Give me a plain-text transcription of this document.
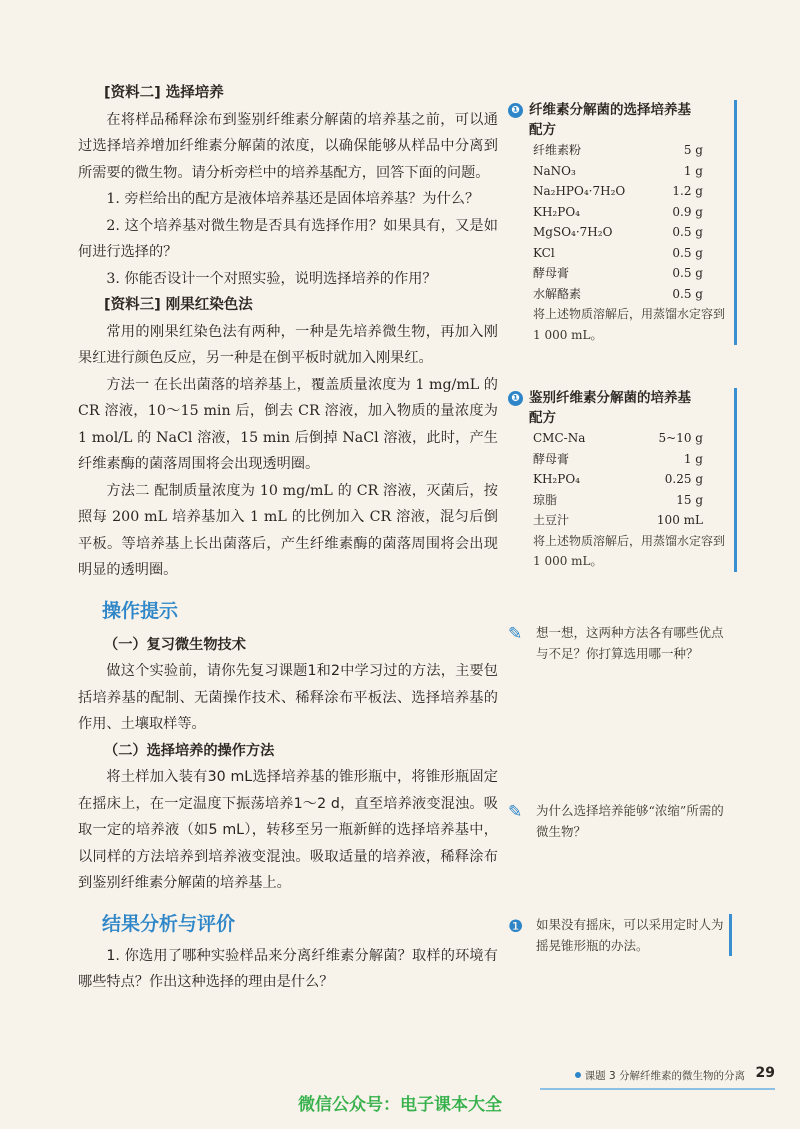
[资料二] 选择培养

在将样品稀释涂布到鉴别纤维素分解菌的培养基之前，可以通过选择培养增加纤维素分解菌的浓度，以确保能够从样品中分离到所需要的微生物。请分析旁栏中的培养基配方，回答下面的问题。

1. 旁栏给出的配方是液体培养基还是固体培养基？为什么？

2. 这个培养基对微生物是否具有选择作用？如果具有，又是如何进行选择的？

3. 你能否设计一个对照实验，说明选择培养的作用？

[资料三] 刚果红染色法

常用的刚果红染色法有两种，一种是先培养微生物，再加入刚果红进行颜色反应，另一种是在倒平板时就加入刚果红。

方法一 在长出菌落的培养基上，覆盖质量浓度为 1 mg/mL 的 CR 溶液，10～15 min 后，倒去 CR 溶液，加入物质的量浓度为 1 mol/L 的 NaCl 溶液，15 min 后倒掉 NaCl 溶液，此时，产生纤维素酶的菌落周围将会出现透明圈。

方法二 配制质量浓度为 10 mg/mL 的 CR 溶液，灭菌后，按照每 200 mL 培养基加入 1 mL 的比例加入 CR 溶液，混匀后倒平板。等培养基上长出菌落后，产生纤维素酶的菌落周围将会出现明显的透明圈。

操作提示

（一）复习微生物技术

做这个实验前，请你先复习课题1和2中学习过的方法，主要包括培养基的配制、无菌操作技术、稀释涂布平板法、选择培养基的作用、土壤取样等。

（二）选择培养的操作方法

将土样加入装有30 mL选择培养基的锥形瓶中，将锥形瓶固定在摇床上，在一定温度下振荡培养1～2 d，直至培养液变混浊。吸取一定的培养液（如5 mL），转移至另一瓶新鲜的选择培养基中，以同样的方法培养到培养液变混浊。吸取适量的培养液，稀释涂布到鉴别纤维素分解菌的培养基上。

结果分析与评价

1. 你选用了哪种实验样品来分离纤维素分解菌？取样的环境有哪些特点？作出这种选择的理由是什么？

❶ 纤维素分解菌的选择培养基
配方

纤维素粉	5 g
NaNO₃	1 g
Na₂HPO₄·7H₂O	1.2 g
KH₂PO₄	0.9 g
MgSO₄·7H₂O	0.5 g
KCl	0.5 g
酵母膏	0.5 g
水解酪素	0.5 g

将上述物质溶解后，用蒸馏水定容到 1 000 mL。

❶ 鉴别纤维素分解菌的培养基
配方

CMC-Na	5~10 g
酵母膏	1 g
KH₂PO₄	0.25 g
琼脂	15 g
土豆汁	100 mL

将上述物质溶解后，用蒸馏水定容到 1 000 mL。

✎	想一想，这两种方法各有哪些优点与不足？你打算选用哪一种？
✎	为什么选择培养能够“浓缩”所需的微生物？
❶	如果没有摇床，可以采用定时人为摇晃锥形瓶的办法。
课题 3 分解纤维素的微生物的分离 29
微信公众号：电子课本大全
